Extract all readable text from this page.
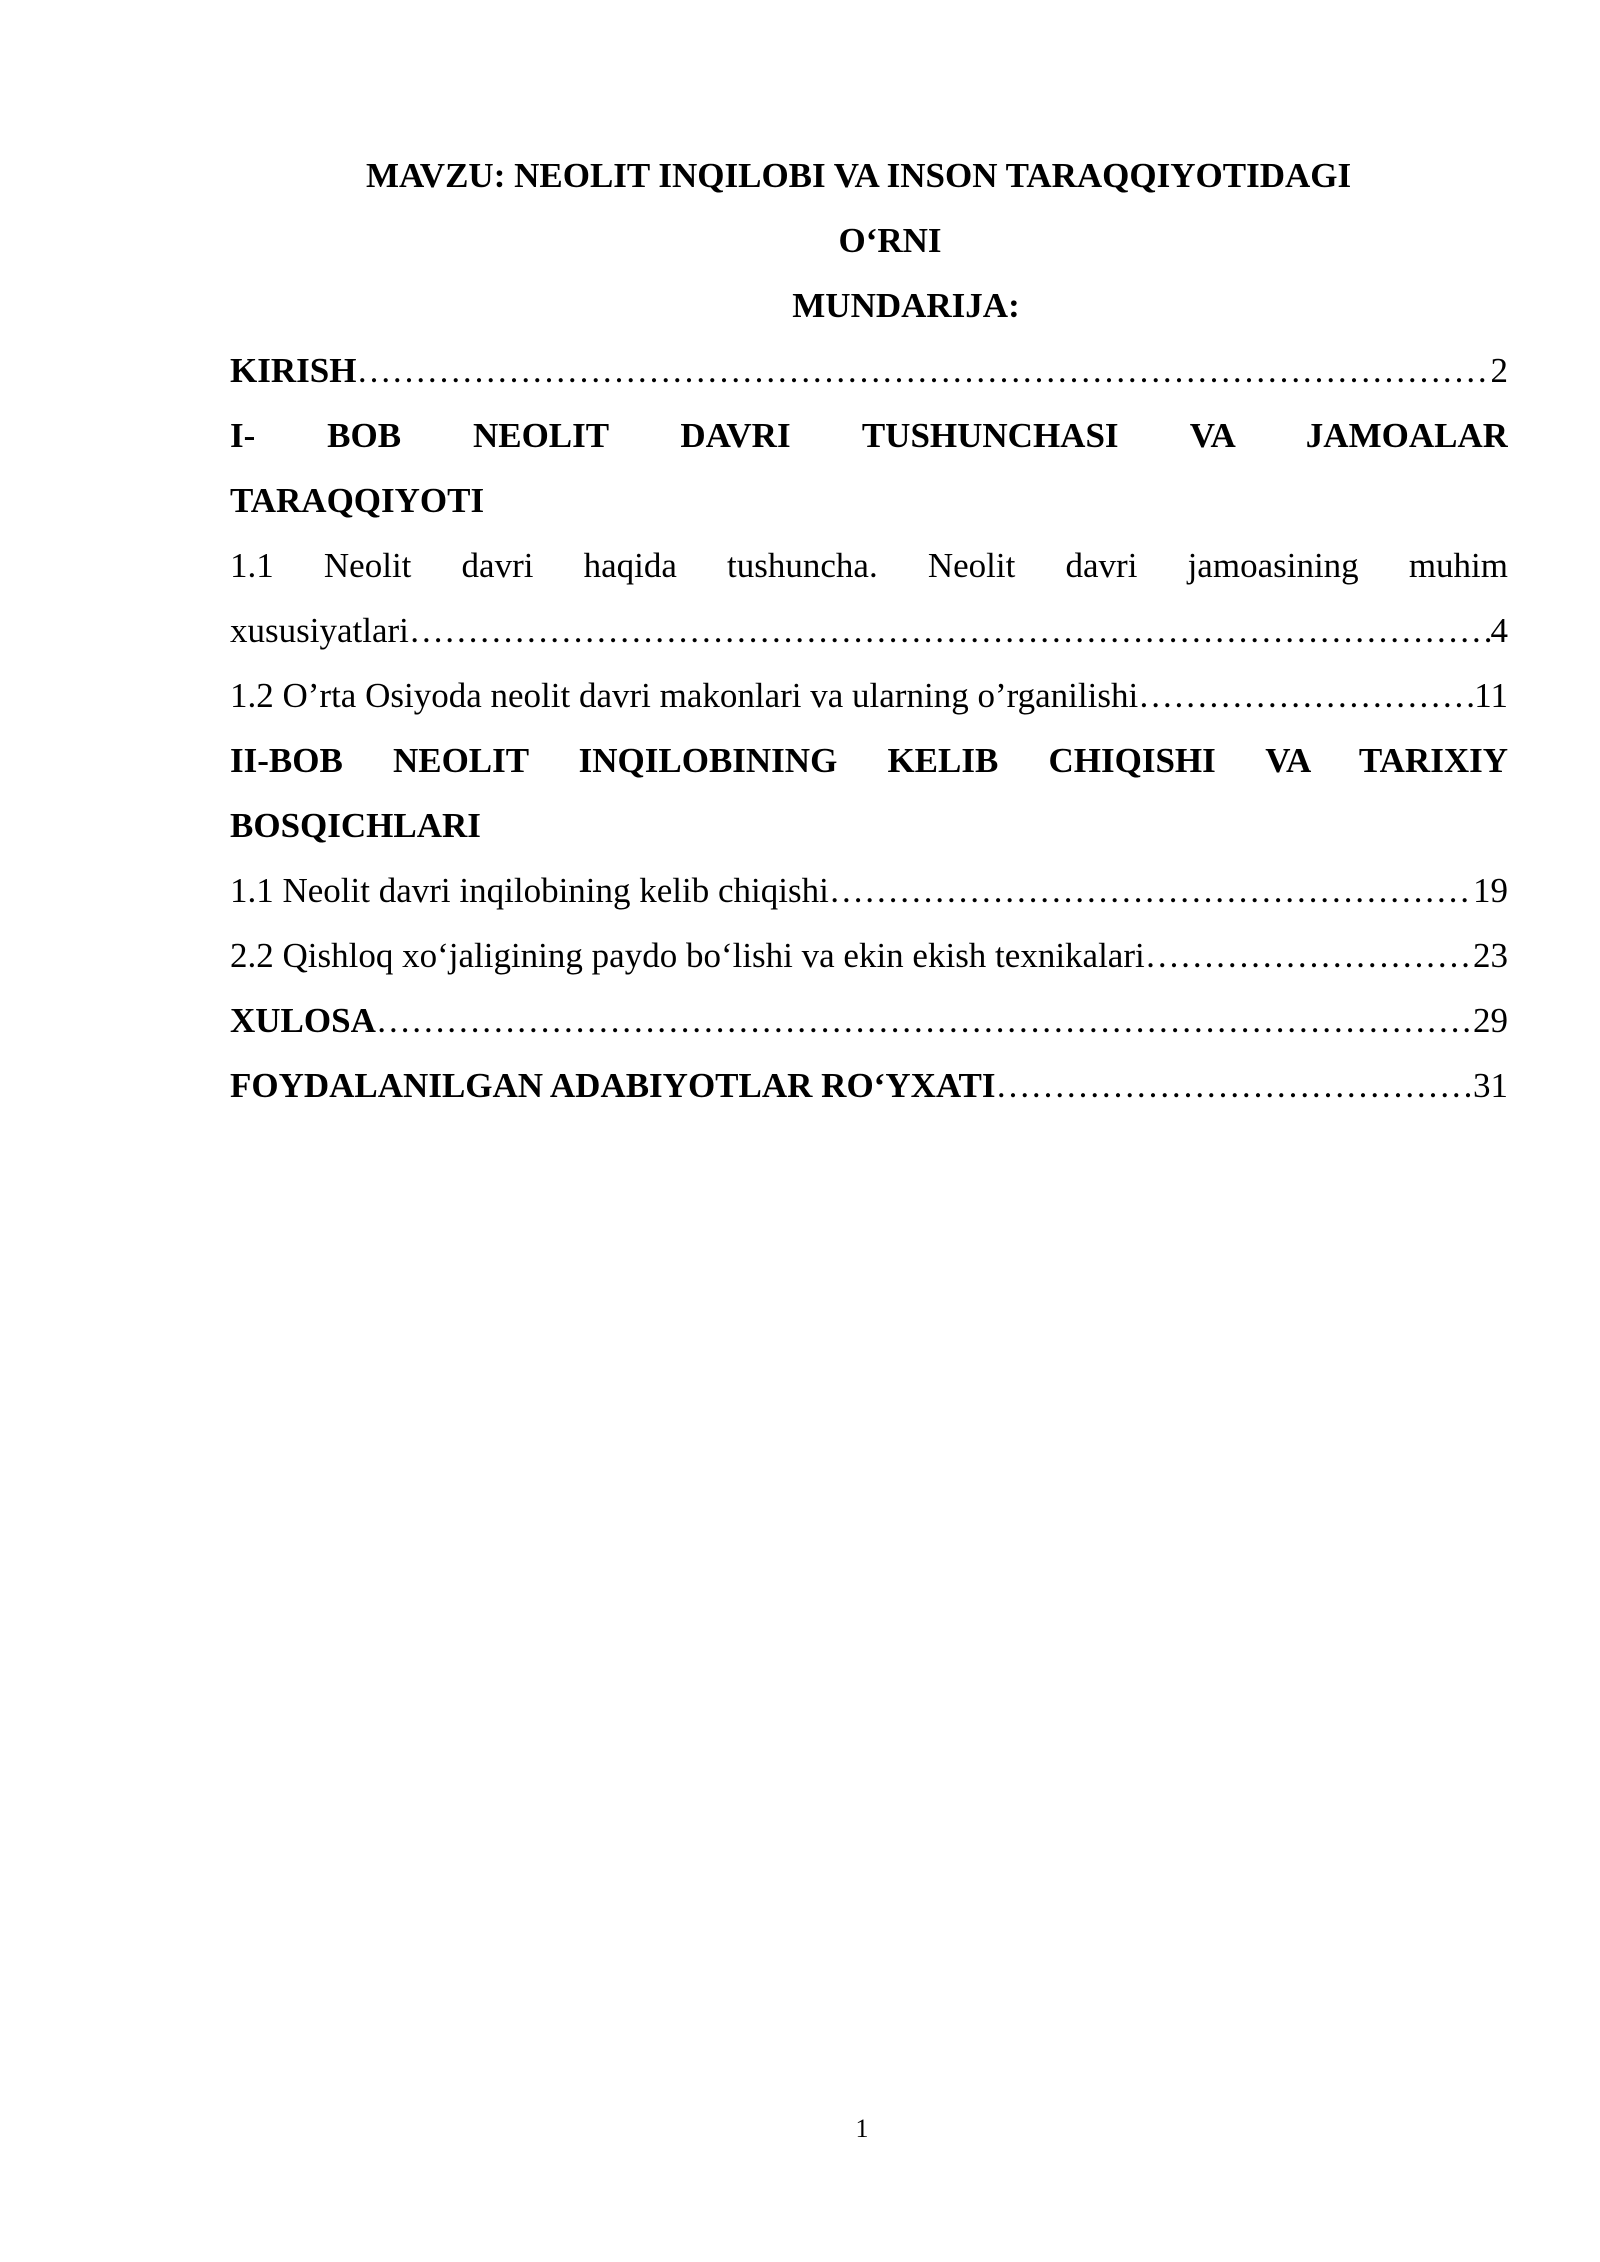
MAVZU: NEOLIT INQILOBI VA INSON TARAQQIYOTIDAGI
O‘RNI
MUNDARIJA:
KIRISH ………………………………………………………………………………………………………………………………………………………………………………	2
I- BOB NEOLIT DAVRI TUSHUNCHASI VA JAMOALAR
TARAQQIYOTI
1.1 Neolit davri haqida tushuncha. Neolit davri jamoasining muhim
xususiyatlari ………………………………………………………………………………………………………………………………………………………………………………	4
1.2 O’rta Osiyoda neolit davri makonlari va ularning o’rganilishi ………………………………………………………………………………………………………………………………………………………………………………	11
II-BOB NEOLIT INQILOBINING KELIB CHIQISHI VA TARIXIY
BOSQICHLARI
1.1 Neolit davri inqilobining kelib chiqishi ………………………………………………………………………………………………………………………………………………………………………………	19
2.2 Qishloq xo‘jaligining paydo bo‘lishi va ekin ekish texnikalari ………………………………………………………………………………………………………………………………………………………………………………	23
XULOSA ………………………………………………………………………………………………………………………………………………………………………………	29
FOYDALANILGAN ADABIYOTLAR RO‘YXATI ………………………………………………………………………………………………………………………………………………………………………………	31
1
